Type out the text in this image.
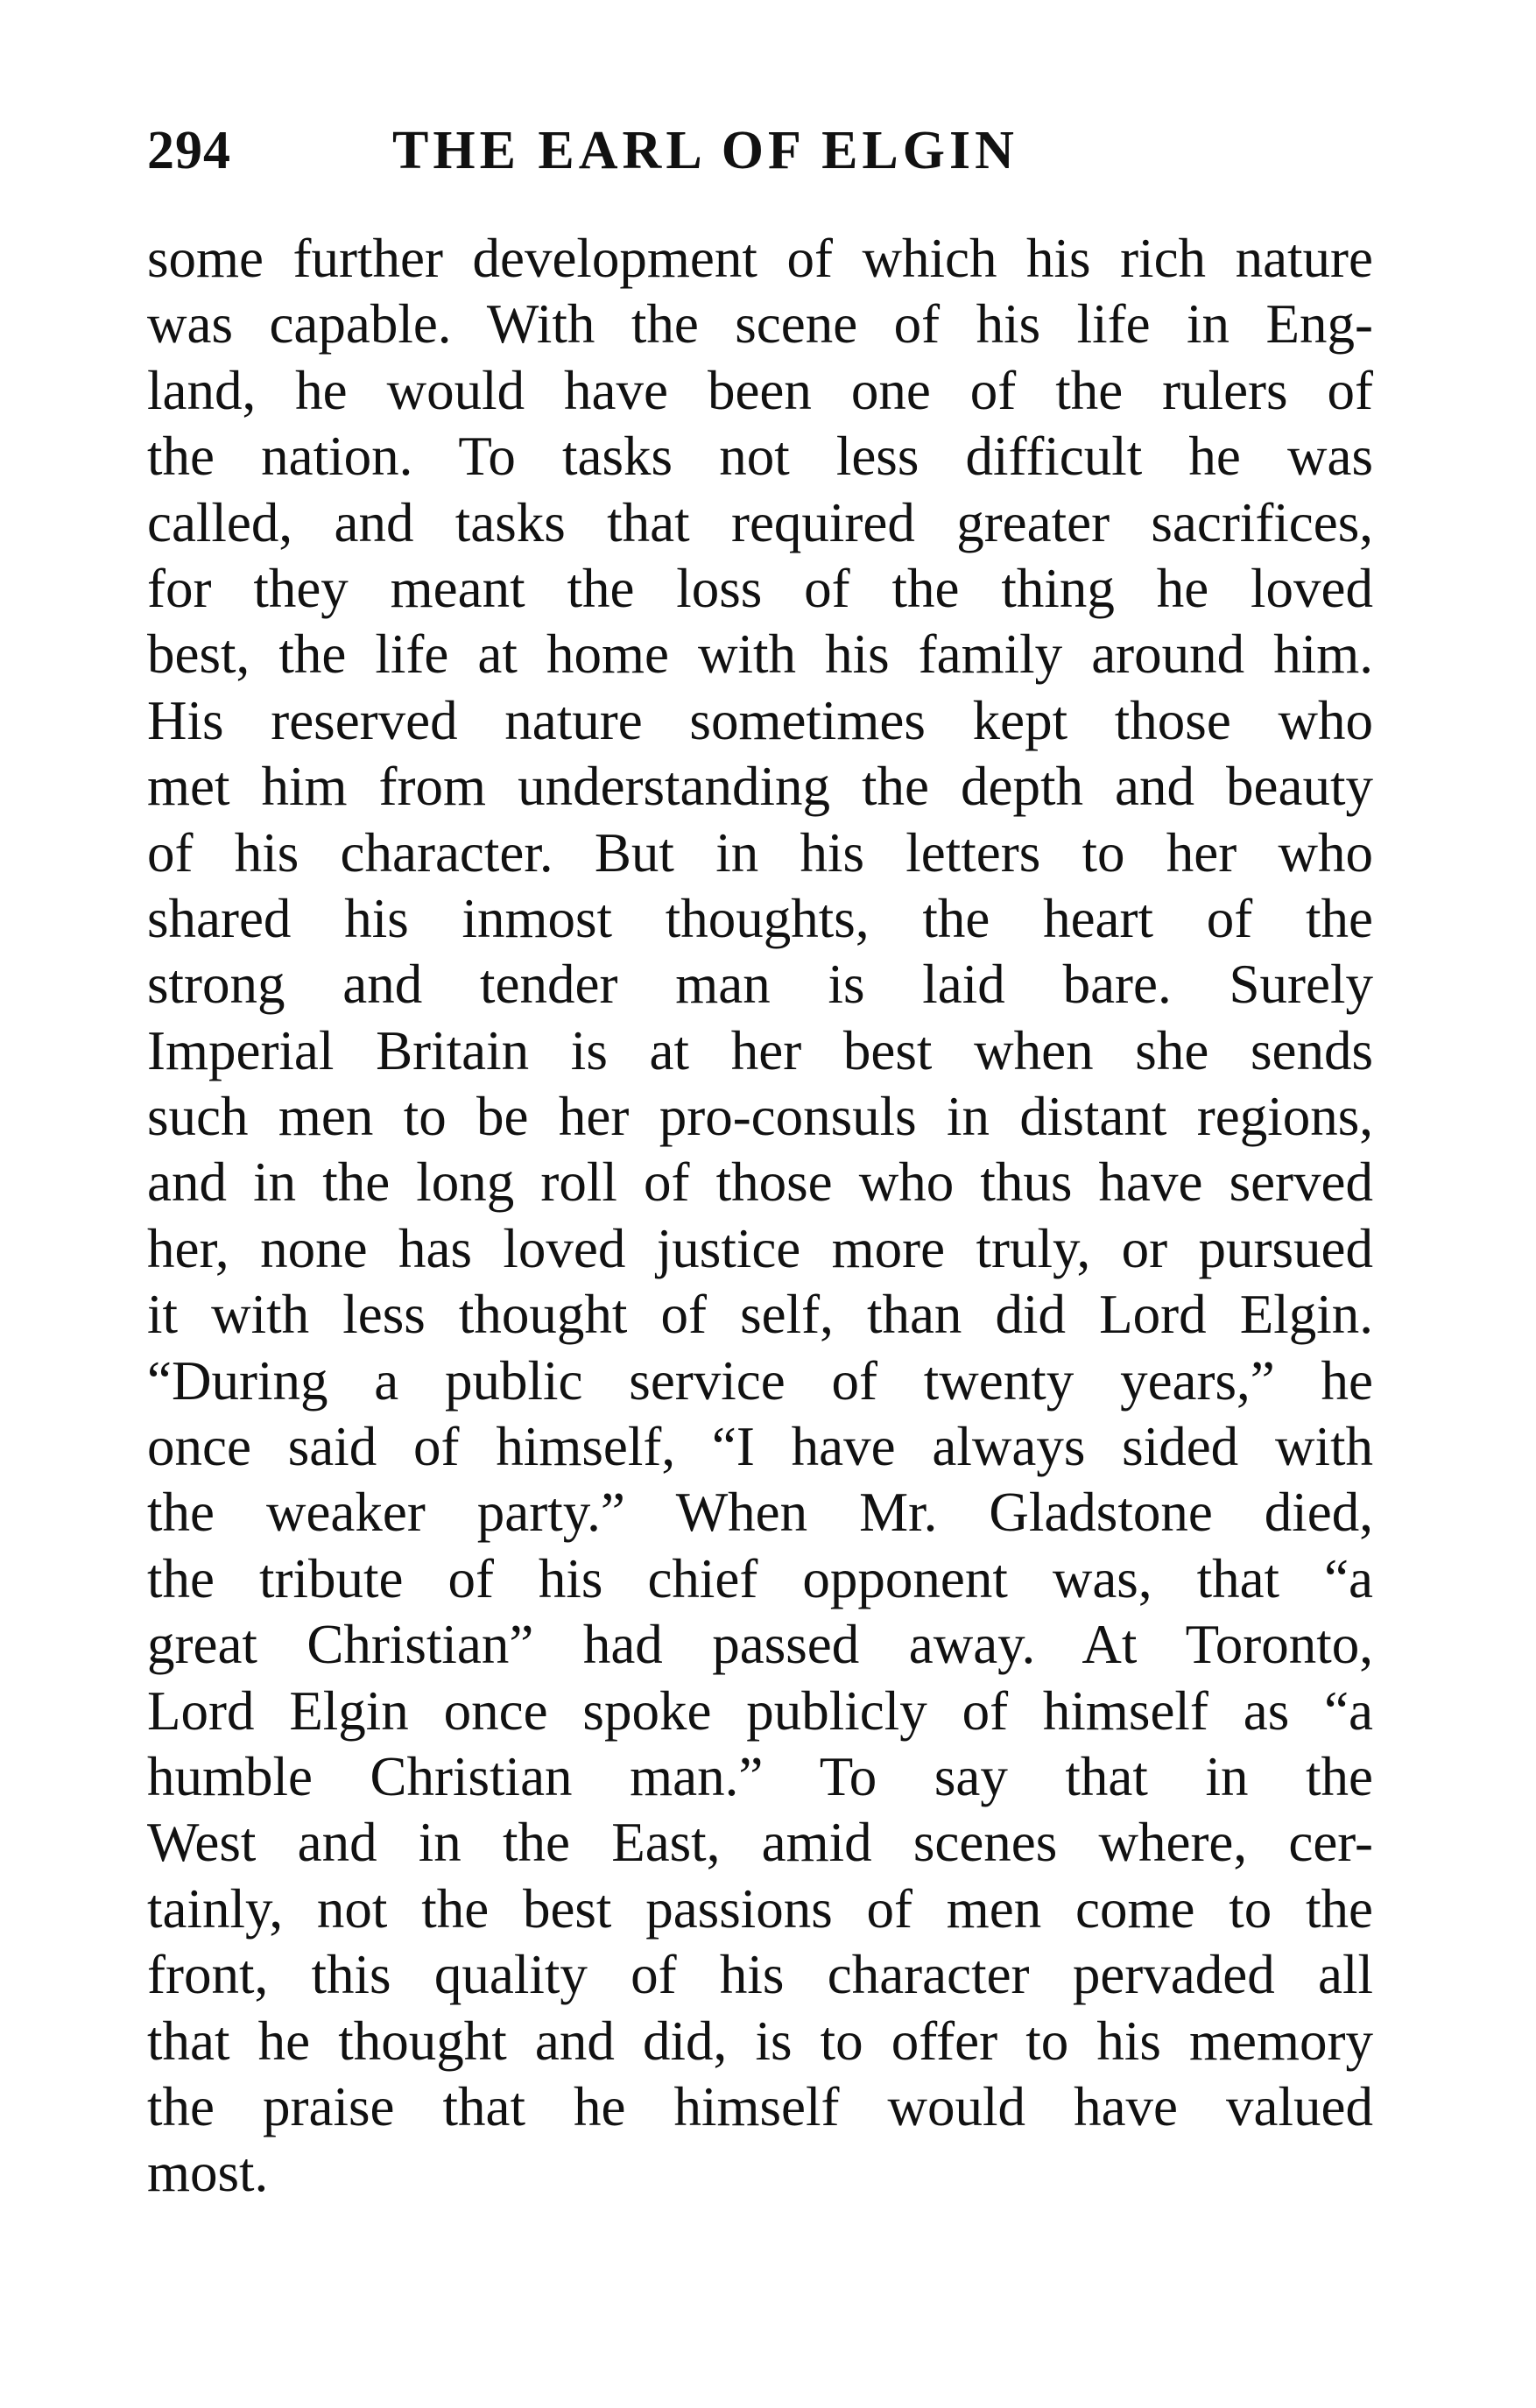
294	THE EARL OF ELGIN
some further development of which his rich nature
was capable. With the scene of his life in Eng-
land, he would have been one of the rulers of
the nation. To tasks not less difficult he was
called, and tasks that required greater sacrifices,
for they meant the loss of the thing he loved
best, the life at home with his family around him.
His reserved nature sometimes kept those who
met him from understanding the depth and beauty
of his character. But in his letters to her who
shared his inmost thoughts, the heart of the
strong and tender man is laid bare. Surely
Imperial Britain is at her best when she sends
such men to be her pro-consuls in distant regions,
and in the long roll of those who thus have served
her, none has loved justice more truly, or pursued
it with less thought of self, than did Lord Elgin.
“During a public service of twenty years,” he
once said of himself, “I have always sided with
the weaker party.” When Mr. Gladstone died,
the tribute of his chief opponent was, that “a
great Christian” had passed away. At Toronto,
Lord Elgin once spoke publicly of himself as “a
humble Christian man.” To say that in the
West and in the East, amid scenes where, cer-
tainly, not the best passions of men come to the
front, this quality of his character pervaded all
that he thought and did, is to offer to his memory
the praise that he himself would have valued
most.
